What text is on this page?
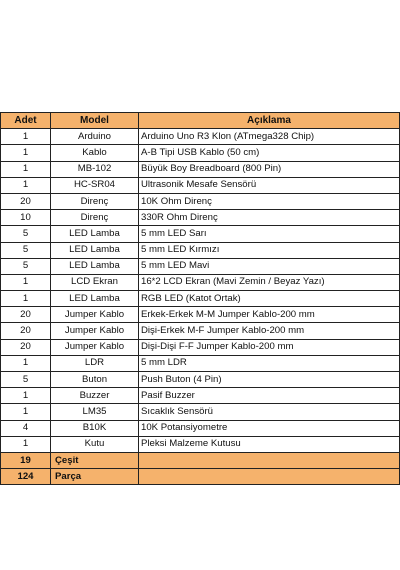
Adet	Model	Açıklama
1	Arduino	Arduino Uno R3 Klon (ATmega328 Chip)
1	Kablo	A-B Tipi USB Kablo (50 cm)
1	MB-102	Büyük Boy Breadboard (800 Pin)
1	HC-SR04	Ultrasonik Mesafe Sensörü
20	Direnç	10K Ohm Direnç
10	Direnç	330R Ohm Direnç
5	LED Lamba	5 mm LED Sarı
5	LED Lamba	5 mm LED Kırmızı
5	LED Lamba	5 mm LED Mavi
1	LCD Ekran	16*2 LCD Ekran (Mavi Zemin / Beyaz Yazı)
1	LED Lamba	RGB LED (Katot Ortak)
20	Jumper Kablo	Erkek-Erkek M-M Jumper Kablo-200 mm
20	Jumper Kablo	Dişi-Erkek M-F Jumper Kablo-200 mm
20	Jumper Kablo	Dişi-Dişi F-F Jumper Kablo-200 mm
1	LDR	5 mm LDR
5	Buton	Push Buton (4 Pin)
1	Buzzer	Pasif Buzzer
1	LM35	Sıcaklık Sensörü
4	B10K	10K Potansiyometre
1	Kutu	Pleksi Malzeme Kutusu
19	Çeşit	
124	Parça	
